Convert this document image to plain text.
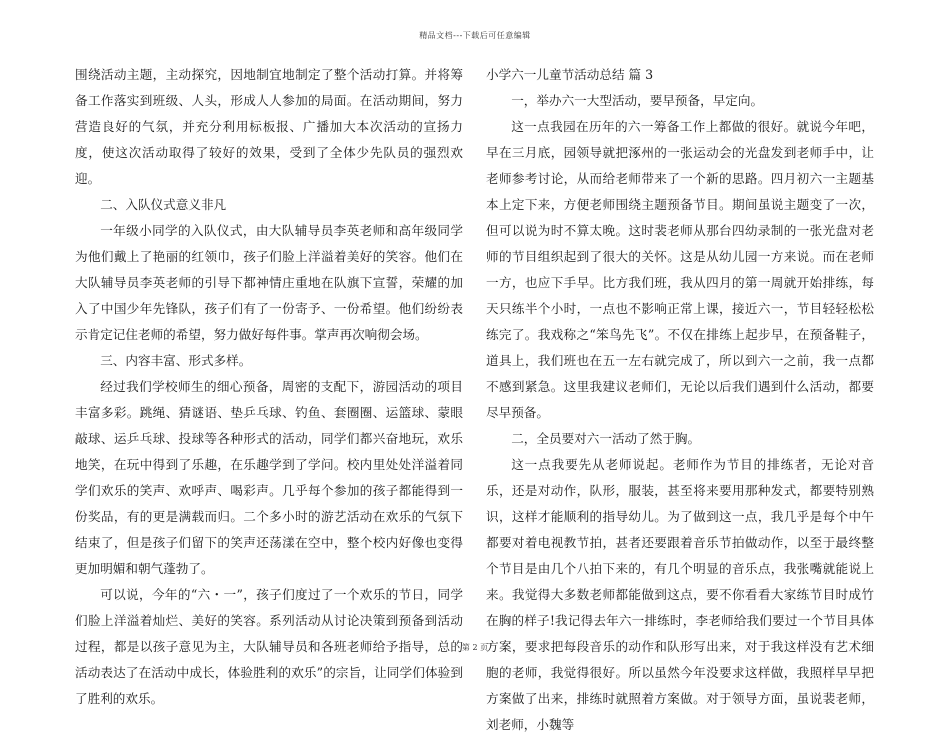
精品文档---下载后可任意编辑

围绕活动主题，主动探究，因地制宜地制定了整个活动打算。并将筹备工作落实到班级、人头，形成人人参加的局面。在活动期间，努力营造良好的气氛，并充分利用标板报、广播加大本次活动的宣扬力度，使这次活动取得了较好的效果，受到了全体少先队员的强烈欢迎。

二、入队仪式意义非凡

一年级小同学的入队仪式，由大队辅导员李英老师和高年级同学为他们戴上了艳丽的红领巾，孩子们脸上洋溢着美好的笑容。他们在大队辅导员李英老师的引导下都神情庄重地在队旗下宣誓，荣耀的加入了中国少年先锋队，孩子们有了一份寄予、一份希望。他们纷纷表示肯定记住老师的希望，努力做好每件事。掌声再次响彻会场。

三、内容丰富、形式多样。

经过我们学校师生的细心预备，周密的支配下，游园活动的项目丰富多彩。跳绳、猜谜语、垫乒乓球、钓鱼、套圈圈、运篮球、蒙眼敲球、运乒乓球、投球等各种形式的活动，同学们都兴奋地玩，欢乐地笑，在玩中得到了乐趣，在乐趣学到了学问。校内里处处洋溢着同学们欢乐的笑声、欢呼声、喝彩声。几乎每个参加的孩子都能得到一份奖品，有的更是满载而归。二个多小时的游艺活动在欢乐的气氛下结束了，但是孩子们留下的笑声还荡漾在空中，整个校内好像也变得更加明媚和朝气蓬勃了。

可以说，今年的“六・一”，孩子们度过了一个欢乐的节日，同学们脸上洋溢着灿烂、美好的笑容。系列活动从讨论决策到预备到活动过程，都是以孩子意见为主，大队辅导员和各班老师给予指导，总的活动表达了在活动中成长，体验胜利的欢乐”的宗旨，让同学们体验到了胜利的欢乐。

小学六一儿童节活动总结 篇 3

一，举办六一大型活动，要早预备，早定向。

这一点我园在历年的六一筹备工作上都做的很好。就说今年吧，早在三月底，园领导就把涿州的一张运动会的光盘发到老师手中，让老师参考讨论，从而给老师带来了一个新的思路。四月初六一主题基本上定下来，方便老师围绕主题预备节目。期间虽说主题变了一次，但可以说为时不算太晚。这时裴老师从那台四幼录制的一张光盘对老师的节目组织起到了很大的关怀。这是从幼儿园一方来说。而在老师一方，也应下手早。比方我们班，我从四月的第一周就开始排练，每天只练半个小时，一点也不影响正常上课，接近六一，节目轻轻松松练完了。我戏称之“笨鸟先飞”。不仅在排练上起步早，在预备鞋子，道具上，我们班也在五一左右就完成了，所以到六一之前，我一点都不感到紧急。这里我建议老师们，无论以后我们遇到什么活动，都要尽早预备。

二，全员要对六一活动了然于胸。

这一点我要先从老师说起。老师作为节目的排练者，无论对音乐，还是对动作，队形，服装，甚至将来要用那种发式，都要特别熟识，这样才能顺利的指导幼儿。为了做到这一点，我几乎是每个中午都要对着电视教节拍，甚者还要跟着音乐节拍做动作，以至于最终整个节目是由几个八拍下来的，有几个明显的音乐点，我张嘴就能说上来。我觉得大多数老师都能做到这点，要不你看看大家练节目时成竹在胸的样子!我记得去年六一排练时，李老师给我们要过一个节目具体方案，要求把每段音乐的动作和队形写出来，对于我这样没有艺术细胞的老师，我觉得很好。所以虽然今年没要求这样做，我照样早早把方案做了出来，排练时就照着方案做。对于领导方面，虽说裴老师，刘老师，小魏等

第 2 页
